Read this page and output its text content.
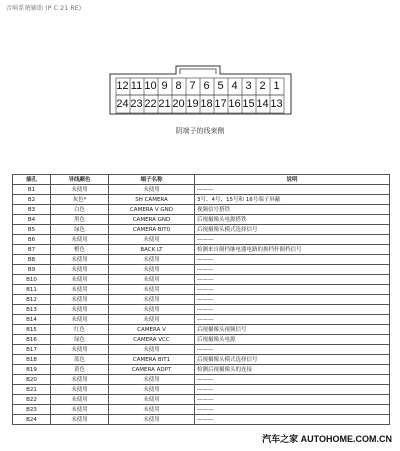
音响系统辅助 (P C 21 RE)
12 11 10 9 8 7 6 5 4 3 2 1
24 23 22 21 20 19 18 17 16 15 14 13
阴端子的线束侧
插孔	导线颜色	端子名称	说明
B1	未使用	未使用	———
B2	灰色*	SH CAMERA	3号、4号、15号和 16号端子屏蔽
B3	白色	CAMERA V GND	视频信号搭铁
B4	黑色	CAMERA GND	后视摄像头电源搭铁
B5	绿色	CAMERA BIT0	后视摄像头模式选择信号
B6	未使用	未使用	———
B7	橙色	BACK LT	检测来自倒档继电器电路的换档杆倒档信号
B8	未使用	未使用	———
B9	未使用	未使用	———
B10	未使用	未使用	———
B11	未使用	未使用	———
B12	未使用	未使用	———
B13	未使用	未使用	———
B14	未使用	未使用	———
B15	红色	CAMERA V	后视摄像头视频信号
B16	绿色	CAMERA VCC	后视摄像头电源
B17	未使用	未使用	———
B18	蓝色	CAMERA BIT1	后视摄像头模式选择信号
B19	黄色	CAMERA ADPT	检测后视摄像头的连接
B20	未使用	未使用	———
B21	未使用	未使用	———
B22	未使用	未使用	———
B23	未使用	未使用	———
B24	未使用	未使用	———
汽车之家 AUTOHOME.COM.CN
